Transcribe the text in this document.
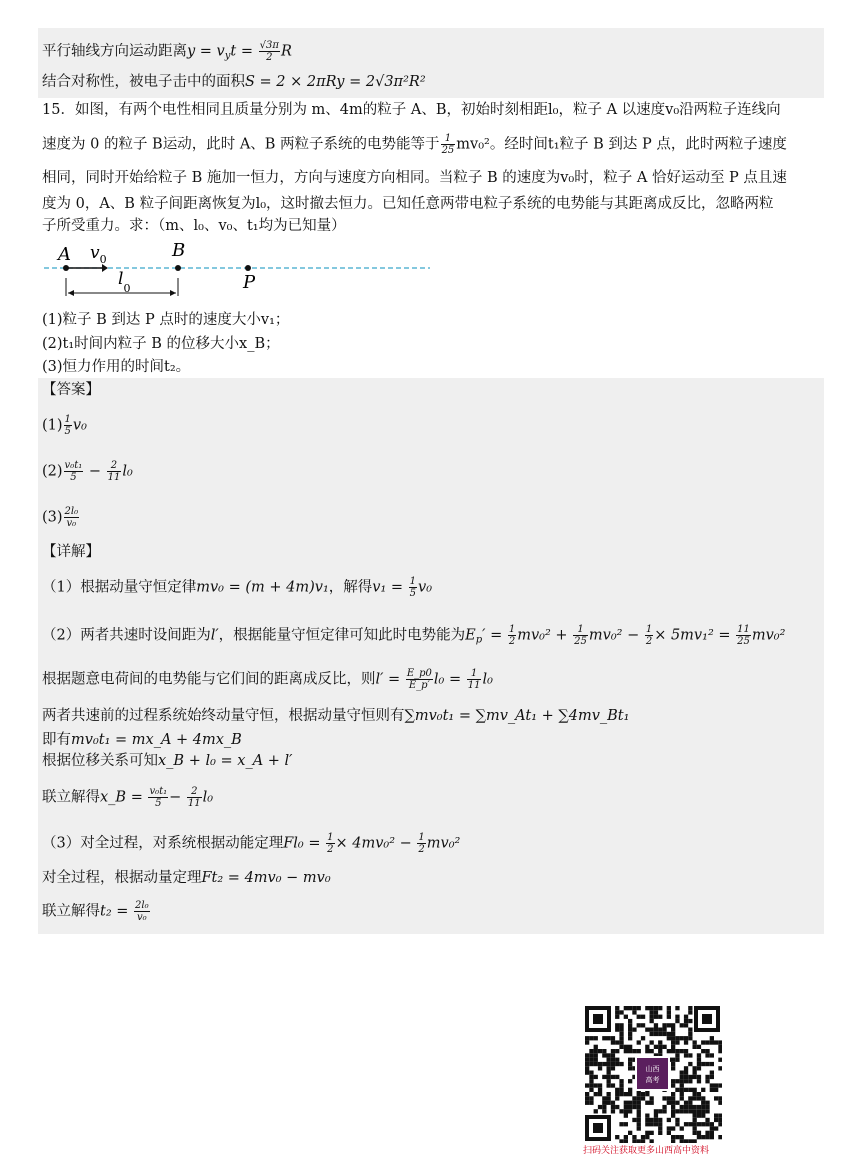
平行轴线方向运动距离$y = v_yt = \frac{√3\pi}{2}$ R
结合对称性，被电子击中的面积S = 2 × 2πRy = 2√3π²R²
15．如图，有两个电性相同且质量分别为 m、4m的粒子 A、B，初始时刻相距l₀，粒子 A 以速度v₀沿两粒子连线向
速度为 0 的粒子 B运动，此时 A、B 两粒子系统的电势能等于 $\frac{1}{25} mv_0^2$。经时间t₁粒子 B 到达 P 点，此时两粒子速度
相同，同时开始给粒子 B 施加一恒力，方向与速度方向相同。当粒子 B 的速度为v₀时，粒子 A 恰好运动至 P 点且速
度为 0，A、B 粒子间距离恢复为l₀，这时撤去恒力。已知任意两带电粒子系统的电势能与其距离成反比，忽略两粒
子所受重力。求：（m、l₀、v₀、t₁均为已知量）
A $v_0$	B
P
$l_0$
(1)粒子 B 到达 P 点时的速度大小v₁；
(2)t₁时间内粒子 B 的位移大小x_B；
(3)恒力作用的时间t₂。
【答案】
$(1) \frac{1}{5} v_0$
$(2) \frac{\text{v₀t₁}}{5} - \frac{2}{11} l_0$
$(3) \frac{\text{2l₀}}{\text{v₀}}$
【详解】
（1）根据动量守恒定律mv₀ = (m + 4m)v₁，解得$v_1 = \frac{1}{5} v_0$
（2）两者共速时设间距为l′，根据能量守恒定律可知此时电势能为$E_p' = \frac{1}{2} mv_0^2 + \frac{1}{25} mv_0^2 - \frac{1}{2} \times 5mv_1^2 = \frac{11}{25} mv_0^2$
根据题意电荷间的电势能与它们间的距离成反比，则$l' = \frac{E\_p0}{E\_p'} l_0 = \frac{1}{11} l_0$
两者共速前的过程系统始终动量守恒，根据动量守恒则有∑mv₀t₁ = ∑mv_At₁ + ∑4mv_Bt₁
即有mv₀t₁ = mx_A + 4mx_B
根据位移关系可知x_B + l₀ = x_A + l′
联立解得x_B = $\frac{\text{v₀t₁}}{5} - \frac{2}{11} l_0$
（3）对全过程，对系统根据动能定理$Fl_0 = \frac{1}{2} \times 4mv_0^2 - \frac{1}{2} mv_0^2$
对全过程，根据动量定理Ft₂ = 4mv₀ − mv₀
联立解得$t_2 = \frac{\text{2l₀}}{\text{v₀}}$
山西
高考
扫码关注获取更多山西高中资料
